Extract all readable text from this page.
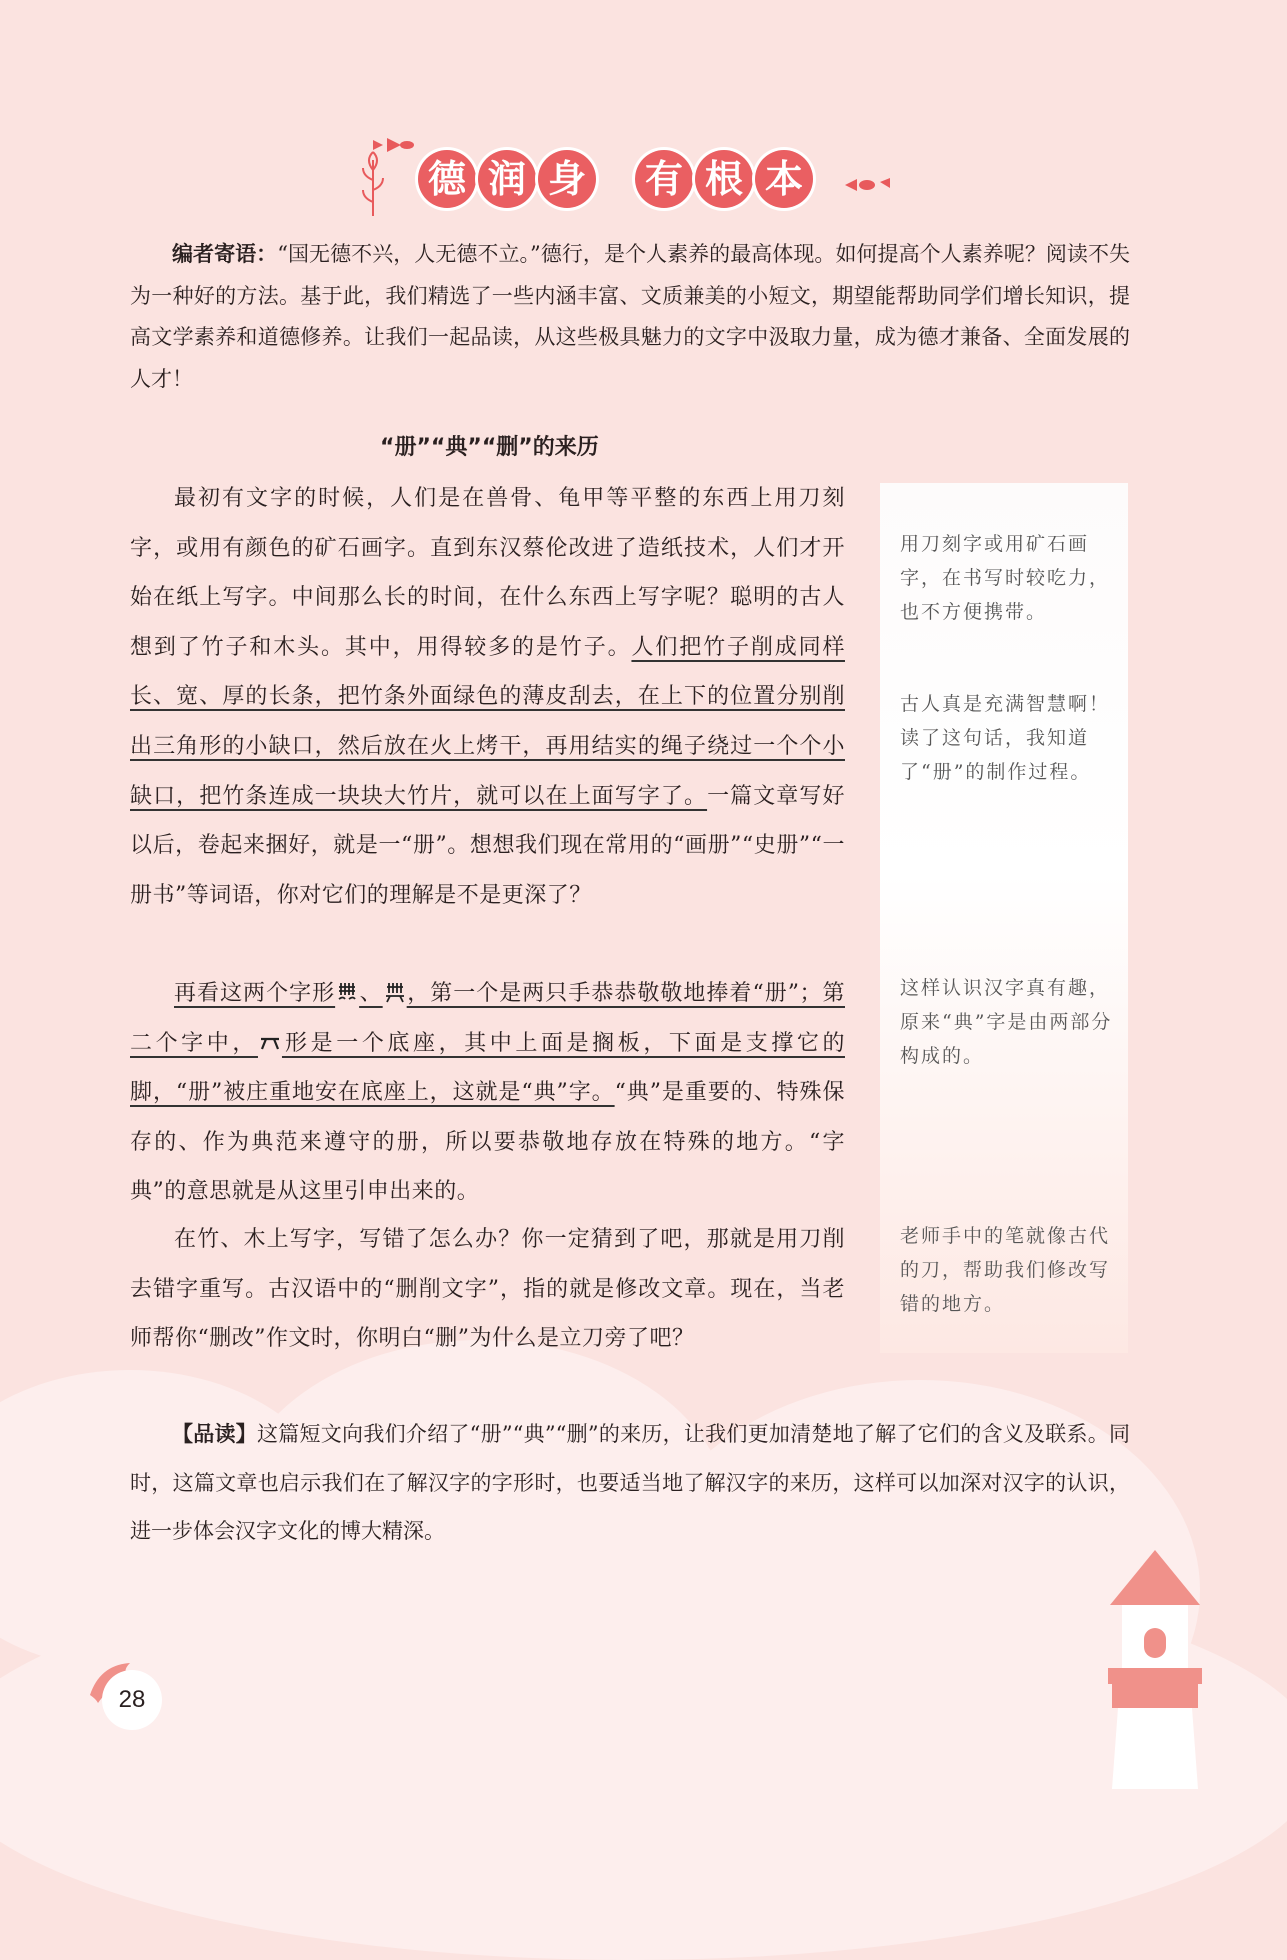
德 润 身 有 根 本
编者寄语：“国无德不兴，人无德不立。”德行，是个人素养的最高体现。如何提高个人素养呢？阅读不失为一种好的方法。基于此，我们精选了一些内涵丰富、文质兼美的小短文，期望能帮助同学们增长知识，提高文学素养和道德修养。让我们一起品读，从这些极具魅力的文字中汲取力量，成为德才兼备、全面发展的人才！
“册”“典”“删”的来历
用刀刻字或用矿石画字，在书写时较吃力，也不方便携带。
古人真是充满智慧啊！读了这句话，我知道了“册”的制作过程。
这样认识汉字真有趣，原来“典”字是由两部分构成的。
老师手中的笔就像古代的刀，帮助我们修改写错的地方。

最初有文字的时候，人们是在兽骨、龟甲等平整的东西上用刀刻字，或用有颜色的矿石画字。直到东汉蔡伦改进了造纸技术，人们才开始在纸上写字。中间那么长的时间，在什么东西上写字呢？聪明的古人想到了竹子和木头。其中，用得较多的是竹子。人们把竹子削成同样长、宽、厚的长条，把竹条外面绿色的薄皮刮去，在上下的位置分别削出三角形的小缺口，然后放在火上烤干，再用结实的绳子绕过一个个小缺口，把竹条连成一块块大竹片，就可以在上面写字了。一篇文章写好以后，卷起来捆好，就是一“册”。想想我们现在常用的“画册”“史册”“一册书”等词语，你对它们的理解是不是更深了？

再看这两个字形 、 ，第一个是两只手恭恭敬敬地捧着“册”；第二个字中， 形是一个底座，其中上面是搁板，下面是支撑它的脚，“册”被庄重地安在底座上，这就是“典”字。“典”是重要的、特殊保存的、作为典范来遵守的册，所以要恭敬地存放在特殊的地方。“字典”的意思就是从这里引申出来的。

在竹、木上写字，写错了怎么办？你一定猜到了吧，那就是用刀削去错字重写。古汉语中的“删削文字”，指的就是修改文章。现在，当老师帮你“删改”作文时，你明白“删”为什么是立刀旁了吧？

【品读】这篇短文向我们介绍了“册”“典”“删”的来历，让我们更加清楚地了解了它们的含义及联系。同时，这篇文章也启示我们在了解汉字的字形时，也要适当地了解汉字的来历，这样可以加深对汉字的认识，进一步体会汉字文化的博大精深。
28
